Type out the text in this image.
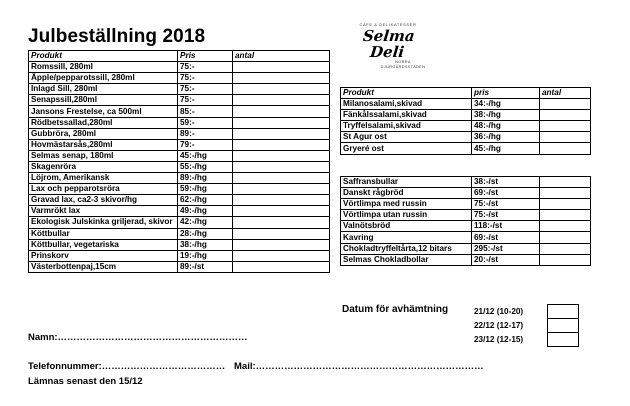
Julbeställning 2018
CAFE & DELIKATESSER
Selma Deli
NORRA
DJURGÅRDSSTADEN
Produkt	Pris	antal
Romssill, 280ml	75:-	
Äpple/pepparotssill, 280ml	75:-	
Inlagd Sill, 280ml	75:-	
Senapssill,280ml	75:-	
Jansons Frestelse, ca 500ml	85:-	
Rödbetssallad,280ml	59:-	
Gubbröra, 280ml	89:-	
Hovmästarsås,280ml	79:-	
Selmas senap, 180ml	45:-/hg	
Skagenröra	55:-/hg	
Löjrom, Amerikansk	89:-/hg	
Lax och pepparotsröra	59:-/hg	
Gravad lax, ca2-3 skivor/hg	62:-/hg	
Varmrökt lax	49:-/hg	
Ekologisk Julskinka griljerad, skivor	42:-/hg	
Köttbullar	28:-/hg	
Köttbullar, vegetariska	38:-/hg	
Prinskorv	19:-/hg	
Västerbottenpaj,15cm	89:-/st	
Produkt	pris	antal
Milanosalami,skivad	34:-/hg	
Fänkålssalami,skivad	38:-/hg	
Tryffelsalami,skivad	48:-/hg	
St Agur ost	36:-/hg	
Gryeré ost	45:-/hg	
Saffransbullar	38:-/st	
Danskt rågbröd	69:-/st	
Vörtlimpa med russin	75:-/st	
Vörtlimpa utan russin	75:-/st	
Valnötsbröd	118:-/st	
Kavring	69:-/st	
Chokladtryffeltårta,12 bitars	295:-/st	
Selmas Chokladbollar	20:-/st	
Datum för avhämtning	21/12 (10-20)	
22/12 (12-17)	
23/12 (12-15)	
Namn:……………………………………………………
Telefonnummer:………………………………… Mail:………………………………………………………………
Lämnas senast den 15/12
